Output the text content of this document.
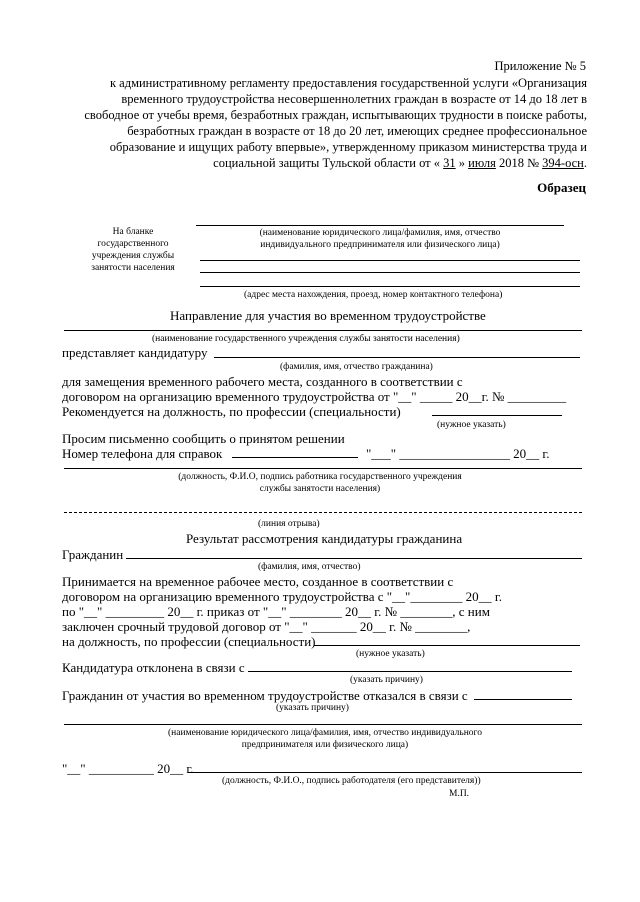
Приложение № 5
к административному регламенту предоставления государственной услуги «Организация
временного трудоустройства несовершеннолетних граждан в возрасте от 14 до 18 лет в
свободное от учебы время, безработных граждан, испытывающих трудности в поиске работы,
безработных граждан в возрасте от 18 до 20 лет, имеющих среднее профессиональное
образование и ищущих работу впервые», утвержденному приказом министерства труда и
социальной защиты Тульской области от « 31 » июля 2018 № 394-осн.
Образец
На бланке
государственного
учреждения службы
занятости населения
(наименование юридического лица/фамилия, имя, отчество
индивидуального предпринимателя или физического лица)
(адрес места нахождения, проезд, номер контактного телефона)
Направление для участия во временном трудоустройстве
(наименование государственного учреждения службы занятости населения)
представляет кандидатуру
(фамилия, имя, отчество гражданина)
для замещения временного рабочего места, созданного в соответствии с
договором на организацию временного трудоустройства от "__" _____ 20__г. № _________
Рекомендуется на должность, по профессии (специальности)
(нужное указать)
Просим письменно сообщить о принятом решении
Номер телефона для справок	"___" _________________ 20__ г.
(должность, Ф.И.О, подпись работника государственного учреждения
службы занятости населения)
(линия отрыва)
Результат рассмотрения кандидатуры гражданина
Гражданин
(фамилия, имя, отчество)
Принимается на временное рабочее место, созданное в соответствии с
договором на организацию временного трудоустройства с "__"________ 20__ г.
по "__" _________ 20__ г. приказ от "__" ________ 20__ г. № ________, с ним
заключен срочный трудовой договор от "__" _______ 20__ г. № ________,
на должность, по профессии (специальности)
(нужное указать)
Кандидатура отклонена в связи с
(указать причину)
Гражданин от участия во временном трудоустройстве отказался в связи с
(указать причину)
(наименование юридического лица/фамилия, имя, отчество индивидуального
предпринимателя или физического лица)
"__" __________ 20__ г.
(должность, Ф.И.О., подпись работодателя (его представителя))
М.П.
